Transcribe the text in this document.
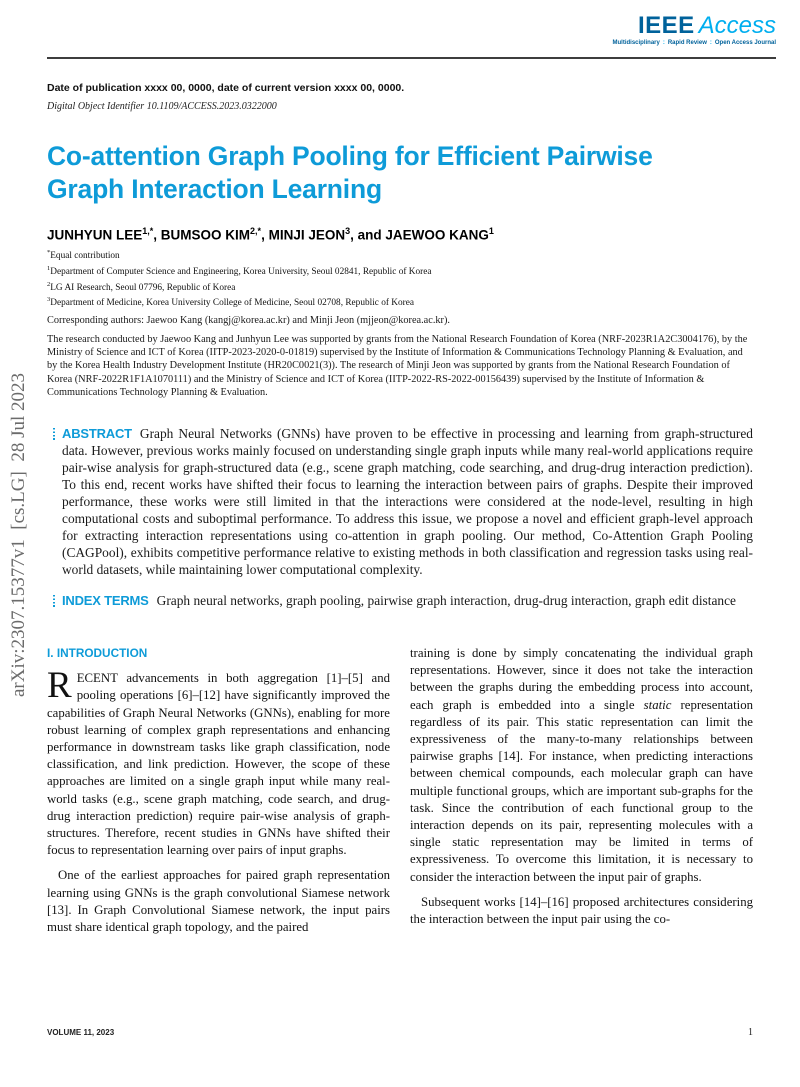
arXiv:2307.15377v1  [cs.LG]  28 Jul 2023
IEEE Access
Multidisciplinary : Rapid Review : Open Access Journal

Date of publication xxxx 00, 0000, date of current version xxxx 00, 0000.

Digital Object Identifier 10.1109/ACCESS.2023.0322000

Co-attention Graph Pooling for Efficient Pairwise
Graph Interaction Learning
JUNHYUN $LEE^{1,*}$, BUMSOO $KIM^{2,*}$, MINJI JEON$^3$, and JAEWOO KANG$^1$
*Equal contribution
$^1$Department of Computer Science and Engineering, Korea University, Seoul 02841, Republic of Korea
$^2$LG AI Research, Seoul 07796, Republic of Korea
$^3$Department of Medicine, Korea University College of Medicine, Seoul 02708, Republic of Korea

Corresponding authors: Jaewoo Kang (kangj@korea.ac.kr) and Minji Jeon (mjjeon@korea.ac.kr).

The research conducted by Jaewoo Kang and Junhyun Lee was supported by grants from the National Research Foundation of Korea (NRF-2023R1A2C3004176), by the Ministry of Science and ICT of Korea (IITP-2023-2020-0-01819) supervised by the Institute of Information & Communications Technology Planning & Evaluation, and by the Korea Health Industry Development Institute (HR20C0021(3)). The research of Minji Jeon was supported by grants from the National Research Foundation of Korea (NRF-2022R1F1A1070111) and the Ministry of Science and ICT of Korea (IITP-2022-RS-2022-00156439) supervised by the Institute of Information & Communications Technology Planning & Evaluation.

ABSTRACT Graph Neural Networks (GNNs) have proven to be effective in processing and learning from graph-structured data. However, previous works mainly focused on understanding single graph inputs while many real-world applications require pair-wise analysis for graph-structured data (e.g., scene graph matching, code searching, and drug-drug interaction prediction). To this end, recent works have shifted their focus to learning the interaction between pairs of graphs. Despite their improved performance, these works were still limited in that the interactions were considered at the node-level, resulting in high computational costs and suboptimal performance. To address this issue, we propose a novel and efficient graph-level approach for extracting interaction representations using co-attention in graph pooling. Our method, Co-Attention Graph Pooling (CAGPool), exhibits competitive performance relative to existing methods in both classification and regression tasks using real-world datasets, while maintaining lower computational complexity.
INDEX TERMS Graph neural networks, graph pooling, pairwise graph interaction, drug-drug interaction, graph edit distance
I. INTRODUCTION

RECENT advancements in both aggregation [1]–[5] and pooling operations [6]–[12] have significantly improved the capabilities of Graph Neural Networks (GNNs), enabling for more robust learning of complex graph representations and enhancing performance in downstream tasks like graph classification, node classification, and link prediction. However, the scope of these approaches are limited on a single graph input while many real-world tasks (e.g., scene graph matching, code search, and drug-drug interaction prediction) require pair-wise analysis of graph-structures. Therefore, recent studies in GNNs have shifted their focus to representation learning over pairs of input graphs.

One of the earliest approaches for paired graph representation learning using GNNs is the graph convolutional Siamese network [13]. In Graph Convolutional Siamese network, the input pairs must share identical graph topology, and the paired

training is done by simply concatenating the individual graph representations. However, since it does not take the interaction between the graphs during the embedding process into account, each graph is embedded into a single static representation regardless of its pair. This static representation can limit the expressiveness of the many-to-many relationships between pairwise graphs [14]. For instance, when predicting interactions between chemical compounds, each molecular graph can have multiple functional groups, which are important sub-graphs for the task. Since the contribution of each functional group to the interaction depends on its pair, representing molecules with a single static representation may be limited in terms of expressiveness. To overcome this limitation, it is necessary to consider the interaction between the input pair of graphs.

Subsequent works [14]–[16] proposed architectures considering the interaction between the input pair using the co-

VOLUME 11, 2023	1
